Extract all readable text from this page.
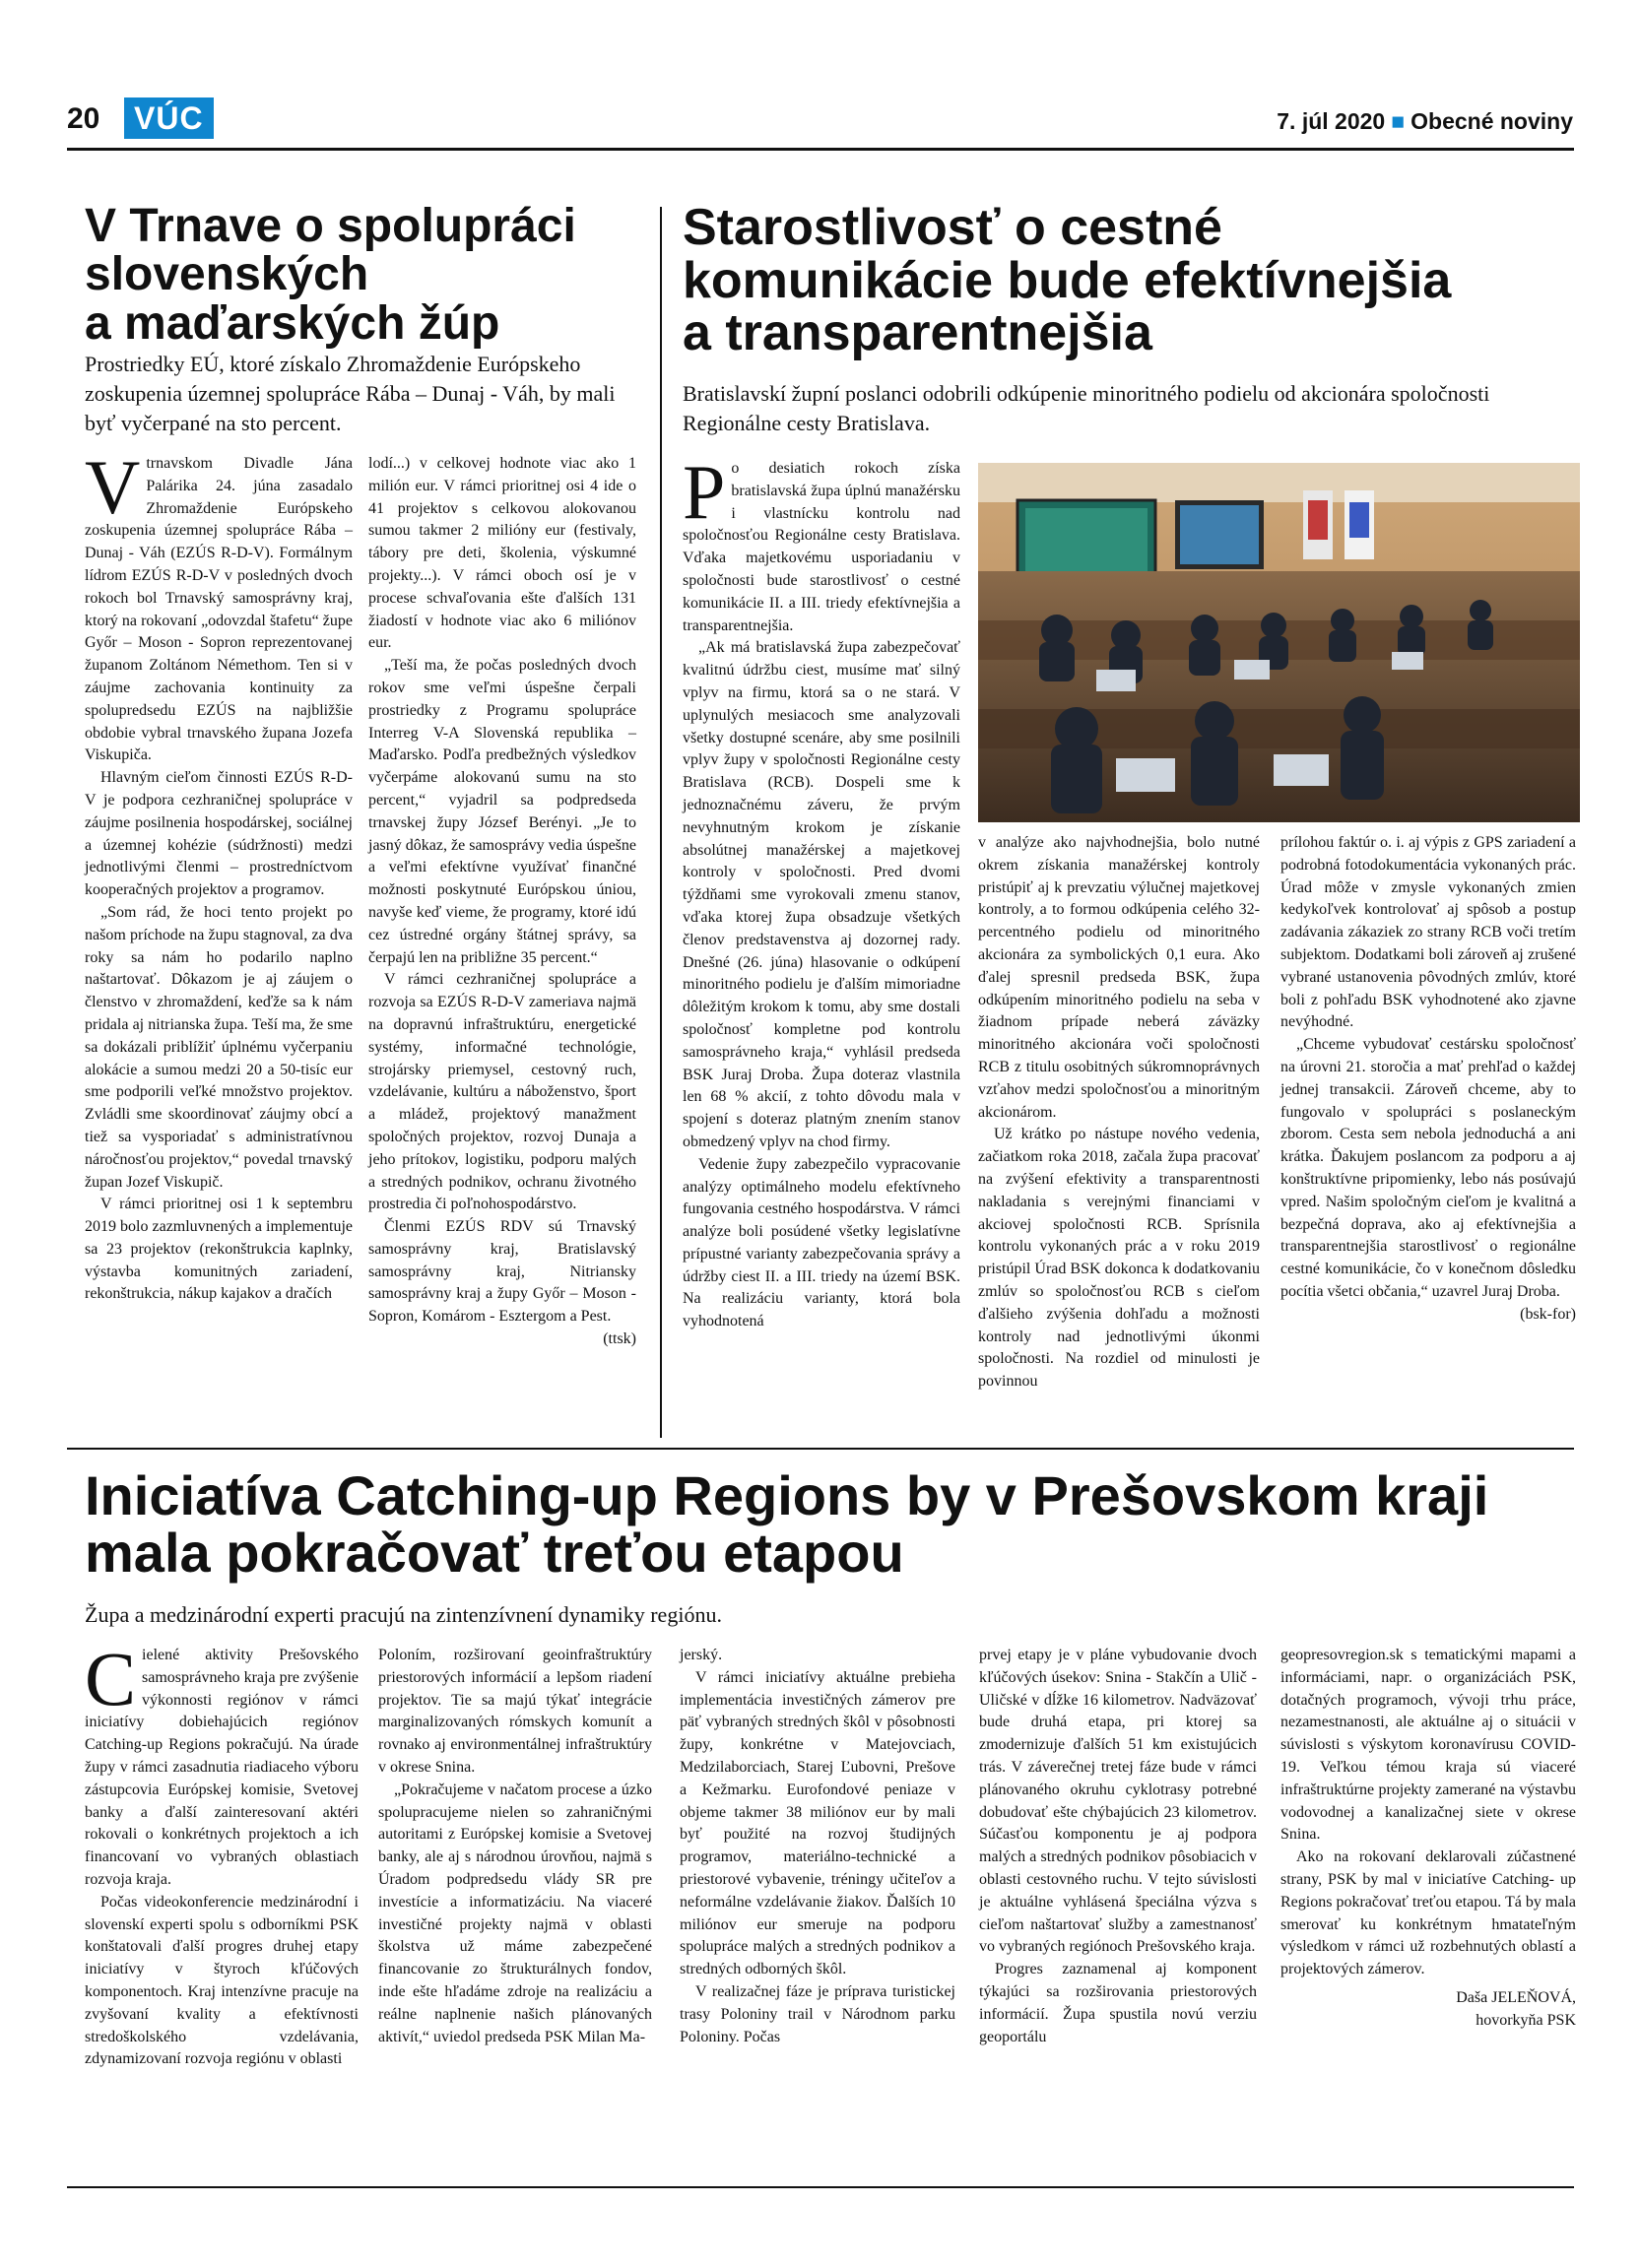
20	VÚC	7. júl 2020 ■ Obecné noviny
V Trnave o spolupráci
slovenských
a maďarských žúp

Prostriedky EÚ, ktoré získalo Zhromaždenie Európskeho zoskupenia územnej spolupráce Rába – Dunaj - Váh, by mali byť vyčerpané na sto percent.

V trnavskom Divadle Jána Palárika 24. júna zasadalo Zhromaždenie Európskeho zoskupenia územnej spolupráce Rába – Dunaj - Váh (EZÚS R-D-V). Formálnym lídrom EZÚS R-D-V v posledných dvoch rokoch bol Trnavský samosprávny kraj, ktorý na rokovaní „odovzdal štafetu“ župe Győr – Moson - Sopron reprezentovanej županom Zoltánom Némethom. Ten si v záujme zachovania kontinuity za spolupredsedu EZÚS na najbližšie obdobie vybral trnavského župana Jozefa Viskupiča.

Hlavným cieľom činnosti EZÚS R-D-V je podpora cezhraničnej spolupráce v záujme posilnenia hospodárskej, sociálnej a územnej kohézie (súdržnosti) medzi jednotlivými členmi – prostredníctvom kooperačných projektov a programov.

„Som rád, že hoci tento projekt po našom príchode na župu stagnoval, za dva roky sa nám ho podarilo naplno naštartovať. Dôkazom je aj záujem o členstvo v zhromaždení, keďže sa k nám pridala aj nitrianska župa. Teší ma, že sme sa dokázali priblížiť úplnému vyčerpaniu alokácie a sumou medzi 20 a 50-tisíc eur sme podporili veľké množstvo projektov. Zvládli sme skoordinovať záujmy obcí a tiež sa vysporiadať s administratívnou náročnosťou projektov,“ povedal trnavský župan Jozef Viskupič.

V rámci prioritnej osi 1 k septembru 2019 bolo zazmluvnených a implementuje sa 23 projektov (rekonštrukcia kaplnky, výstavba komunitných zariadení, rekonštrukcia, nákup kajakov a dračích

lodí...) v celkovej hodnote viac ako 1 milión eur. V rámci prioritnej osi 4 ide o 41 projektov s celkovou alokovanou sumou takmer 2 milióny eur (festivaly, tábory pre deti, školenia, výskumné projekty...). V rámci oboch osí je v procese schvaľovania ešte ďalších 131 žiadostí v hodnote viac ako 6 miliónov eur.

„Teší ma, že počas posledných dvoch rokov sme veľmi úspešne čerpali prostriedky z Programu spolupráce Interreg V-A Slovenská republika – Maďarsko. Podľa predbežných výsledkov vyčerpáme alokovanú sumu na sto percent,“ vyjadril sa podpredseda trnavskej župy József Berényi. „Je to jasný dôkaz, že samosprávy vedia úspešne a veľmi efektívne využívať finančné možnosti poskytnuté Európskou úniou, navyše keď vieme, že programy, ktoré idú cez ústredné orgány štátnej správy, sa čerpajú len na približne 35 percent.“

V rámci cezhraničnej spolupráce a rozvoja sa EZÚS R-D-V zameriava najmä na dopravnú infraštruktúru, energetické systémy, informačné technológie, strojársky priemysel, cestovný ruch, vzdelávanie, kultúru a náboženstvo, šport a mládež, projektový manažment spoločných projektov, rozvoj Dunaja a jeho prítokov, logistiku, podporu malých a stredných podnikov, ochranu životného prostredia či poľnohospodárstvo.

Členmi EZÚS RDV sú Trnavský samosprávny kraj, Bratislavský samosprávny kraj, Nitriansky samosprávny kraj a župy Győr – Moson - Sopron, Komárom - Esztergom a Pest.

(ttsk)
Starostlivosť o cestné
komunikácie bude efektívnejšia
a transparentnejšia

Bratislavskí župní poslanci odobrili odkúpenie minoritného podielu od akcionára spoločnosti Regionálne cesty Bratislava.

P o desiatich rokoch získa bratislavská župa úplnú manažérsku i vlastnícku kontrolu nad spoločnosťou Regionálne cesty Bratislava. Vďaka majetkovému usporiadaniu v spoločnosti bude starostlivosť o cestné komunikácie II. a III. triedy efektívnejšia a transparentnejšia.

„Ak má bratislavská župa zabezpečovať kvalitnú údržbu ciest, musíme mať silný vplyv na firmu, ktorá sa o ne stará. V uplynulých mesiacoch sme analyzovali všetky dostupné scenáre, aby sme posilnili vplyv župy v spoločnosti Regionálne cesty Bratislava (RCB). Dospeli sme k jednoznačnému záveru, že prvým nevyhnutným krokom je získanie absolútnej manažérskej a majetkovej kontroly v spoločnosti. Pred dvomi týždňami sme vyrokovali zmenu stanov, vďaka ktorej župa obsadzuje všetkých členov predstavenstva aj dozornej rady. Dnešné (26. júna) hlasovanie o odkúpení minoritného podielu je ďalším mimoriadne dôležitým krokom k tomu, aby sme dostali spoločnosť kompletne pod kontrolu samosprávneho kraja,“ vyhlásil predseda BSK Juraj Droba. Župa doteraz vlastnila len 68 % akcií, z tohto dôvodu mala v spojení s doteraz platným znením stanov obmedzený vplyv na chod firmy.

Vedenie župy zabezpečilo vypracovanie analýzy optimálneho modelu efektívneho fungovania cestného hospodárstva. V rámci analýze boli posúdené všetky legislatívne prípustné varianty zabezpečovania správy a údržby ciest II. a III. triedy na území BSK. Na realizáciu varianty, ktorá bola vyhodnotená

v analýze ako najvhodnejšia, bolo nutné okrem získania manažérskej kontroly pristúpiť aj k prevzatiu výlučnej majetkovej kontroly, a to formou odkúpenia celého 32-percentného podielu od minoritného akcionára za symbolických 0,1 eura. Ako ďalej spresnil predseda BSK, župa odkúpením minoritného podielu na seba v žiadnom prípade neberá záväzky minoritného akcionára voči spoločnosti RCB z titulu osobitných súkromnoprávnych vzťahov medzi spoločnosťou a minoritným akcionárom.

Už krátko po nástupe nového vedenia, začiatkom roka 2018, začala župa pracovať na zvýšení efektivity a transparentnosti nakladania s verejnými financiami v akciovej spoločnosti RCB. Sprísnila kontrolu vykonaných prác a v roku 2019 pristúpil Úrad BSK dokonca k dodatkovaniu zmlúv so spoločnosťou RCB s cieľom ďalšieho zvýšenia dohľadu a možnosti kontroly nad jednotlivými úkonmi spoločnosti. Na rozdiel od minulosti je povinnou

prílohou faktúr o. i. aj výpis z GPS zariadení a podrobná fotodokumentácia vykonaných prác. Úrad môže v zmysle vykonaných zmien kedykoľvek kontrolovať aj spôsob a postup zadávania zákaziek zo strany RCB voči tretím subjektom. Dodatkami boli zároveň aj zrušené vybrané ustanovenia pôvodných zmlúv, ktoré boli z pohľadu BSK vyhodnotené ako zjavne nevýhodné.

„Chceme vybudovať cestársku spoločnosť na úrovni 21. storočia a mať prehľad o každej jednej transakcii. Zároveň chceme, aby to fungovalo v spolupráci s poslaneckým zborom. Cesta sem nebola jednoduchá a ani krátka. Ďakujem poslancom za podporu a aj konštruktívne pripomienky, lebo nás posúvajú vpred. Našim spoločným cieľom je kvalitná a bezpečná doprava, ako aj efektívnejšia a transparentnejšia starostlivosť o regionálne cestné komunikácie, čo v konečnom dôsledku pocítia všetci občania,“ uzavrel Juraj Droba.

(bsk-for)
Iniciatíva Catching-up Regions by v Prešovskom kraji
mala pokračovať treťou etapou

Župa a medzinárodní experti pracujú na zintenzívnení dynamiky regiónu.

C ielené aktivity Prešovského samosprávneho kraja pre zvýšenie výkonnosti regiónov v rámci iniciatívy dobiehajúcich regiónov Catching-up Regions pokračujú. Na úrade župy v rámci zasadnutia riadiaceho výboru zástupcovia Európskej komisie, Svetovej banky a ďalší zainteresovaní aktéri rokovali o konkrétnych projektoch a ich financovaní vo vybraných oblastiach rozvoja kraja.

Počas videokonferencie medzinárodní i slovenskí experti spolu s odborníkmi PSK konštatovali ďalší progres druhej etapy iniciatívy v štyroch kľúčových komponentoch. Kraj intenzívne pracuje na zvyšovaní kvality a efektívnosti stredoškolského vzdelávania, zdynamizovaní rozvoja regiónu v oblasti

Poloním, rozširovaní geoinfraštruktúry priestorových informácií a lepšom riadení projektov. Tie sa majú týkať integrácie marginalizovaných rómskych komunít a rovnako aj environmentálnej infraštruktúry v okrese Snina.

„Pokračujeme v načatom procese a úzko spolupracujeme nielen so zahraničnými autoritami z Európskej komisie a Svetovej banky, ale aj s národnou úrovňou, najmä s Úradom podpredsedu vlády SR pre investície a informatizáciu. Na viaceré investičné projekty najmä v oblasti školstva už máme zabezpečené financovanie zo štrukturálnych fondov, inde ešte hľadáme zdroje na realizáciu a reálne naplnenie našich plánovaných aktivít,“ uviedol predseda PSK Milan Ma-

jerský.

V rámci iniciatívy aktuálne prebieha implementácia investičných zámerov pre päť vybraných stredných škôl v pôsobnosti župy, konkrétne v Matejovciach, Medzilaborciach, Starej Ľubovni, Prešove a Kežmarku. Eurofondové peniaze v objeme takmer 38 miliónov eur by mali byť použité na rozvoj študijných programov, materiálno-technické a priestorové vybavenie, tréningy učiteľov a neformálne vzdelávanie žiakov. Ďalších 10 miliónov eur smeruje na podporu spolupráce malých a stredných podnikov a stredných odborných škôl.

V realizačnej fáze je príprava turistickej trasy Poloniny trail v Národnom parku Poloniny. Počas

prvej etapy je v pláne vybudovanie dvoch kľúčových úsekov: Snina - Stakčín a Ulič - Uličské v dĺžke 16 kilometrov. Nadväzovať bude druhá etapa, pri ktorej sa zmodernizuje ďalších 51 km existujúcich trás. V záverečnej tretej fáze bude v rámci plánovaného okruhu cyklotrasy potrebné dobudovať ešte chýbajúcich 23 kilometrov. Súčasťou komponentu je aj podpora malých a stredných podnikov pôsobiacich v oblasti cestovného ruchu. V tejto súvislosti je aktuálne vyhlásená špeciálna výzva s cieľom naštartovať služby a zamestnanosť vo vybraných regiónoch Prešovského kraja.

Progres zaznamenal aj komponent týkajúci sa rozširovania priestorových informácií. Župa spustila novú verziu geoportálu

geopresovregion.sk s tematickými mapami a informáciami, napr. o organizáciách PSK, dotačných programoch, vývoji trhu práce, nezamestnanosti, ale aktuálne aj o situácii v súvislosti s výskytom koronavírusu COVID-19. Veľkou témou kraja sú viaceré infraštruktúrne projekty zamerané na výstavbu vodovodnej a kanalizačnej siete v okrese Snina.

Ako na rokovaní deklarovali zúčastnené strany, PSK by mal v iniciatíve Catching- up Regions pokračovať treťou etapou. Tá by mala smerovať ku konkrétnym hmatateľným výsledkom v rámci už rozbehnutých oblastí a projektových zámerov.

Daša JELEŇOVÁ,
hovorkyňa PSK
